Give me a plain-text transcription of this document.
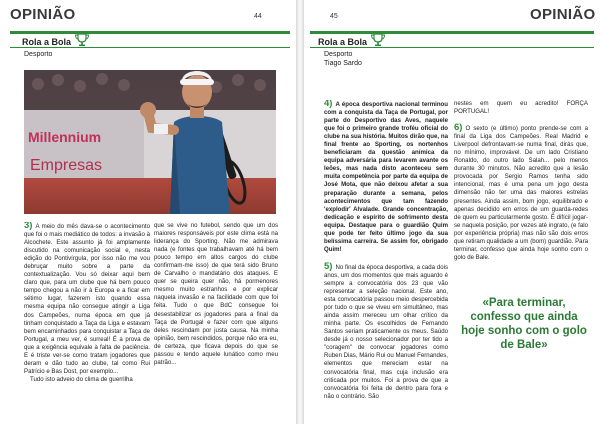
OPINIÃO	44
Rola a Bola
Desporto
Millennium
Empresas

3) A meio do mês dava-se o acontecimento que foi o mais mediático de todos: a invasão à Alcochete. Este assunto já foi amplamente discutido na comunicação social e, nesta edição do Pontivírgula, por isso não me vou debruçar muito sobre a parte da contextualização. Vou só deixar aqui bem claro que, para um clube que há bem pouco tempo chegou a não ir à Europa e a ficar em sétimo lugar, fazerem isto quando essa mesma equipa não consegue atingir a Liga dos Campeões, numa época em que já tinham conquistado a Taça da Liga e estavam bem encaminhados para conquistar a Taça de Portugal, a meu ver, é surreal! É a prova de que a exigência equivale à falta de paciência. E é triste ver-se como tratam jogadores que deram e dão tudo ao clube, tal como Rui Patrício e Bas Dost, por exemplo...

Tudo isto adveio do clima de guerrilha

que se vive no futebol, sendo que um dos maiores responsáveis por este clima está na liderança do Sporting. Não me admirava nada (e fontes que trabalhavam até há bem pouco tempo em altos cargos do clube confirmam-me isso) de que terá sido Bruno de Carvalho o mandatário dos ataques. E quer se queira quer não, há pormenores mesmo muito estranhos e por explicar naquela invasão e na facilidade com que foi feita. Tudo o que BdC consegue foi desestabilizar os jogadores para a final da Taça de Portugal e fazer com que alguns deles rescindam por justa causa. Na minha opinião, bem rescindidos, porque não era eu, de certeza, que ficava depois do que se passou e tendo aquele lunático como meu patrão...

45	OPINIÃO
Rola a Bola
Desporto
Tiago Sardo

4) A época desportiva nacional terminou com a conquista da Taça de Portugal, por parte do Desportivo das Aves, naquele que foi o primeiro grande troféu oficial do clube na sua história. Muitos dirão que, na final frente ao Sporting, os nortenhos beneficiaram da questão anímica da equipa adversária para levarem avante os leões, mas nada disto aconteceu sem muita competência por parte da equipa de José Mota, que não deixou afetar a sua preparação durante a semana, pelos acontecimentos que tam fazendo 'explodir' Alvalade. Grande concentração, dedicação e espírito de sofrimento desta equipa. Destaque para o guardião Quim que pode ter feito último jogo da sua belíssima carreira. Se assim for, obrigado Quim!

5) No final da época desportiva, a cada dois anos, um dos momentos que mais aguardo é sempre a convocatória dos 23 que vão representar a seleção nacional. Este ano, esta convocatória passou meio despercebida por tudo o que se viveu em simultâneo, mas ainda assim mereceu um olhar crítico da minha parte. Os escolhidos de Fernando Santos seriam praticamente os meus. Saúdo desde já o nosso selecionador por ter tido a "coragem" de convocar jogadores como Ruben Dias, Mário Rui ou Manuel Fernandes, elementos que mereciam estar na convocatória final, mas cuja inclusão era criticada por muitos. Foi a prova de que a convocatória foi feita de dentro para fora e não o contrário. São

nestes em quem eu acredito! FORÇA PORTUGAL!

6) O sexto (e último) ponto prende-se com a final da Liga dos Campeões. Real Madrid e Liverpool defrontavam-se numa final, dirás que, no mínimo, improvável. De um lado Cristiano Ronaldo, do outro lado Salah... pelo menos durante 30 minutos. Não acredito que a lesão provocada por Sergio Ramos tenha sido intencional, mas é uma pena um jogo desta dimensão não ter uma das maiores estrelas presentes. Ainda assim, bom jogo, equilibrado e apenas decidido em erros de um guarda-redes de quem eu particularmente gosto. É difícil jogar-se naquela posição, por vezes até ingrato, (e falo por experiência própria) mas não são dois erros que retiram qualidade a um (bom) guardião. Para terminar, confesso que ainda hoje sonho com o golo de Bale.

«Para terminar, confesso que ainda hoje sonho com o golo de Bale»
